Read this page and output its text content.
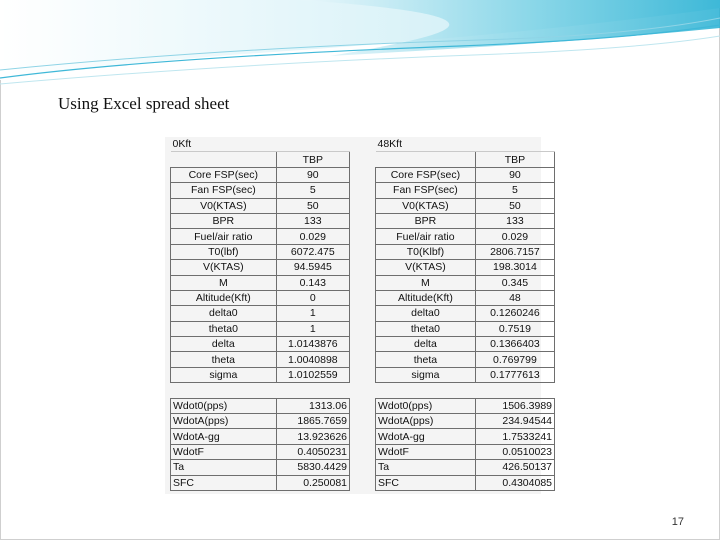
Using Excel spread sheet
0Kft	
	TBP
Core FSP(sec)	90
Fan FSP(sec)	5
V0(KTAS)	50
BPR	133
Fuel/air ratio	0.029
T0(lbf)	6072.475
V(KTAS)	94.5945
M	0.143
Altitude(Kft)	0
delta0	1
theta0	1
delta	1.0143876
theta	1.0040898
sigma	1.0102559

Wdot0(pps)	1313.06
WdotA(pps)	1865.7659
WdotA-gg	13.923626
WdotF	0.4050231
Ta	5830.4429
SFC	0.250081
48Kft	
	TBP
Core FSP(sec)	90
Fan FSP(sec)	5
V0(KTAS)	50
BPR	133
Fuel/air ratio	0.029
T0(Klbf)	2806.7157
V(KTAS)	198.3014
M	0.345
Altitude(Kft)	48
delta0	0.1260246
theta0	0.7519
delta	0.1366403
theta	0.769799
sigma	0.1777613

Wdot0(pps)	1506.3989
WdotA(pps)	234.94544
WdotA-gg	1.7533241
WdotF	0.0510023
Ta	426.50137
SFC	0.4304085
17
